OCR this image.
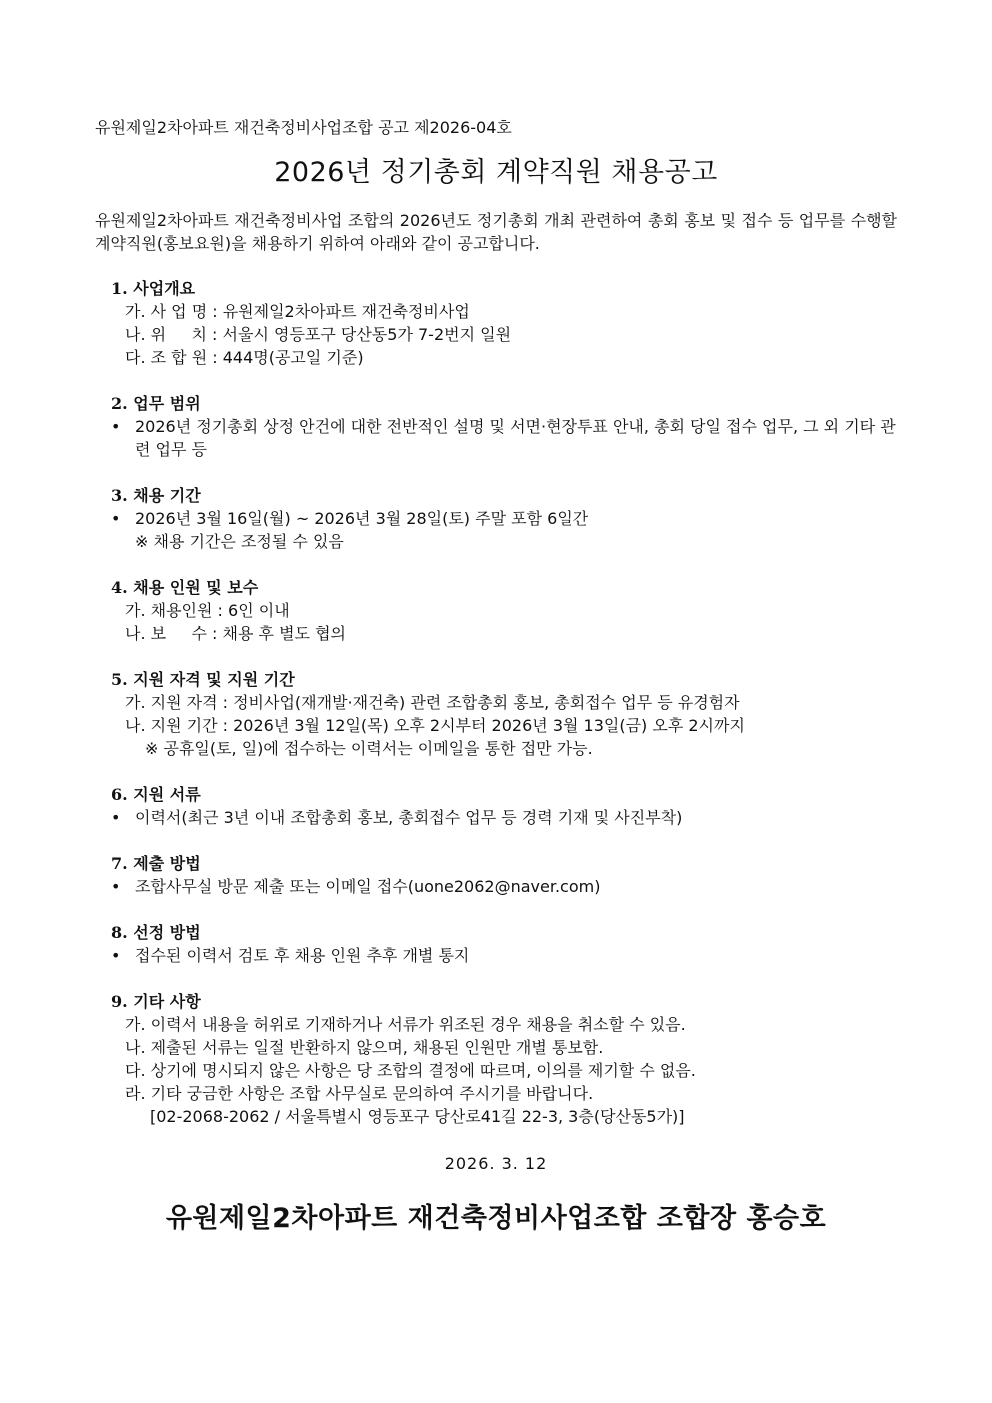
유원제일2차아파트 재건축정비사업조합 공고 제2026-04호
2026년 정기총회 계약직원 채용공고
유원제일2차아파트 재건축정비사업 조합의 2026년도 정기총회 개최 관련하여 총회 홍보 및 접수 등 업무를 수행할 계약직원(홍보요원)을 채용하기 위하여 아래와 같이 공고합니다.
1. 사업개요
가. 사 업 명 : 유원제일2차아파트 재건축정비사업
나. 위     치 : 서울시 영등포구 당산동5가 7-2번지 일원
다. 조 합 원 : 444명(공고일 기준)
2. 업무 범위
• 2026년 정기총회 상정 안건에 대한 전반적인 설명 및 서면·현장투표 안내, 총회 당일 접수 업무, 그 외 기타 관련 업무 등
3. 채용 기간
• 2026년 3월 16일(월) ~ 2026년 3월 28일(토) 주말 포함 6일간
※ 채용 기간은 조정될 수 있음
4. 채용 인원 및 보수
가. 채용인원 : 6인 이내
나. 보     수 : 채용 후 별도 협의
5. 지원 자격 및 지원 기간
가. 지원 자격 : 정비사업(재개발·재건축) 관련 조합총회 홍보, 총회접수 업무 등 유경험자
나. 지원 기간 : 2026년 3월 12일(목) 오후 2시부터 2026년 3월 13일(금) 오후 2시까지
※ 공휴일(토, 일)에 접수하는 이력서는 이메일을 통한 접만 가능.
6. 지원 서류
• 이력서(최근 3년 이내 조합총회 홍보, 총회접수 업무 등 경력 기재 및 사진부착)
7. 제출 방법
• 조합사무실 방문 제출 또는 이메일 접수(uone2062@naver.com)
8. 선정 방법
• 접수된 이력서 검토 후 채용 인원 추후 개별 통지
9. 기타 사항
가. 이력서 내용을 허위로 기재하거나 서류가 위조된 경우 채용을 취소할 수 있음.
나. 제출된 서류는 일절 반환하지 않으며, 채용된 인원만 개별 통보함.
다. 상기에 명시되지 않은 사항은 당 조합의 결정에 따르며, 이의를 제기할 수 없음.
라. 기타 궁금한 사항은 조합 사무실로 문의하여 주시기를 바랍니다.
[02-2068-2062 / 서울특별시 영등포구 당산로41길 22-3, 3층(당산동5가)]
2026. 3. 12
유원제일2차아파트 재건축정비사업조합 조합장 홍승호
